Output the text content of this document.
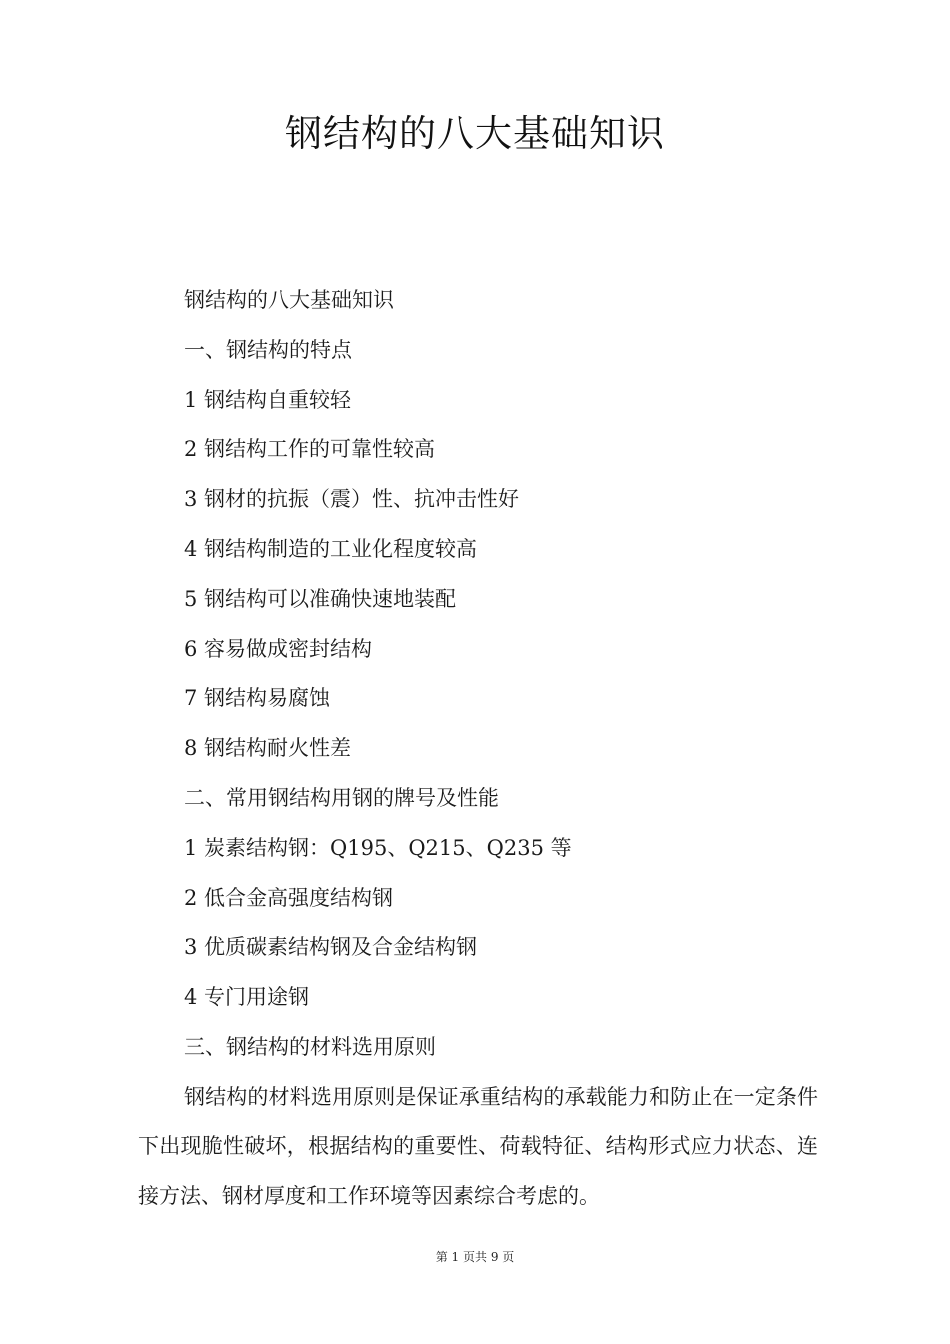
钢结构的八大基础知识
钢结构的八大基础知识
一、钢结构的特点
1 钢结构自重较轻
2 钢结构工作的可靠性较高
3 钢材的抗振（震）性、抗冲击性好
4 钢结构制造的工业化程度较高
5 钢结构可以准确快速地装配
6 容易做成密封结构
7 钢结构易腐蚀
8 钢结构耐火性差
二、常用钢结构用钢的牌号及性能
1 炭素结构钢：Q195、Q215、Q235 等
2 低合金高强度结构钢
3 优质碳素结构钢及合金结构钢
4 专门用途钢
三、钢结构的材料选用原则

钢结构的材料选用原则是保证承重结构的承载能力和防止在一定条件下出现脆性破坏，根据结构的重要性、荷载特征、结构形式应力状态、连接方法、钢材厚度和工作环境等因素综合考虑的。

第 1 页共 9 页
